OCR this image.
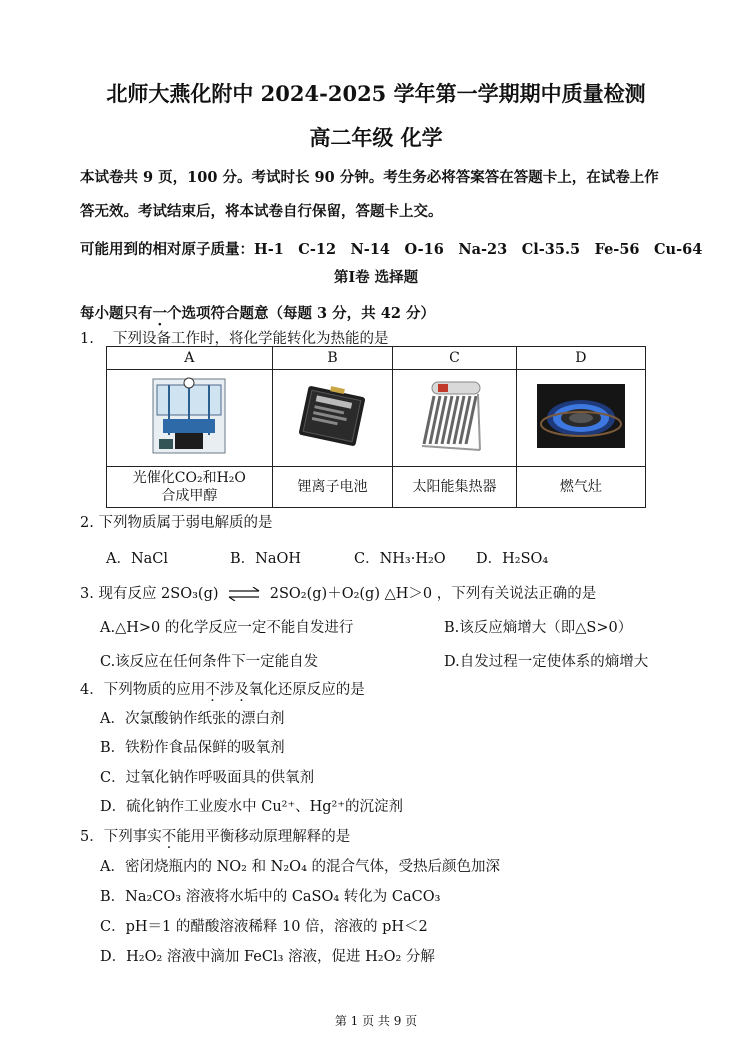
北师大燕化附中 2024-2025 学年第一学期期中质量检测
高二年级 化学
本试卷共 9 页，100 分。考试时长 90 分钟。考生务必将答案答在答题卡上，在试卷上作
答无效。考试结束后，将本试卷自行保留，答题卡上交。
可能用到的相对原子质量：H-1　C-12　N-14　O-16　Na-23　Cl-35.5　Fe-56　Cu-64
第Ⅰ卷 选择题
每小题只有一个选项符合题意（每题 3 分，共 42 分）
1.　 下列设备工作时，将化学能转化为热能的是
A	B	C	D

光催化CO₂和H₂O
合成甲醇	锂离子电池	太阳能集热器	燃气灶
2. 下列物质属于弱电解质的是
A．NaCl	B．NaOH	C．NH₃·H₂O D．H₂SO₄
3. 现有反应 2SO₃(g) ⇌ 2SO₂(g)＋O₂(g) △H＞0 ，下列有关说法正确的是
A.△H>0 的化学反应一定不能自发进行	B.该反应熵增大（即△S>0）
C.该反应在任何条件下一定能自发	D.自发过程一定使体系的熵增大
4．下列物质的应用不涉及氧化还原反应的是
A．次氯酸钠作纸张的漂白剂
B．铁粉作食品保鲜的吸氧剂
C．过氧化钠作呼吸面具的供氧剂
D．硫化钠作工业废水中 Cu²⁺、Hg²⁺的沉淀剂
5．下列事实不能用平衡移动原理解释的是
A．密闭烧瓶内的 NO₂ 和 N₂O₄ 的混合气体，受热后颜色加深
B．Na₂CO₃ 溶液将水垢中的 CaSO₄ 转化为 CaCO₃
C．pH＝1 的醋酸溶液稀释 10 倍，溶液的 pH＜2
D．H₂O₂ 溶液中滴加 FeCl₃ 溶液，促进 H₂O₂ 分解
第 1 页 共 9 页
